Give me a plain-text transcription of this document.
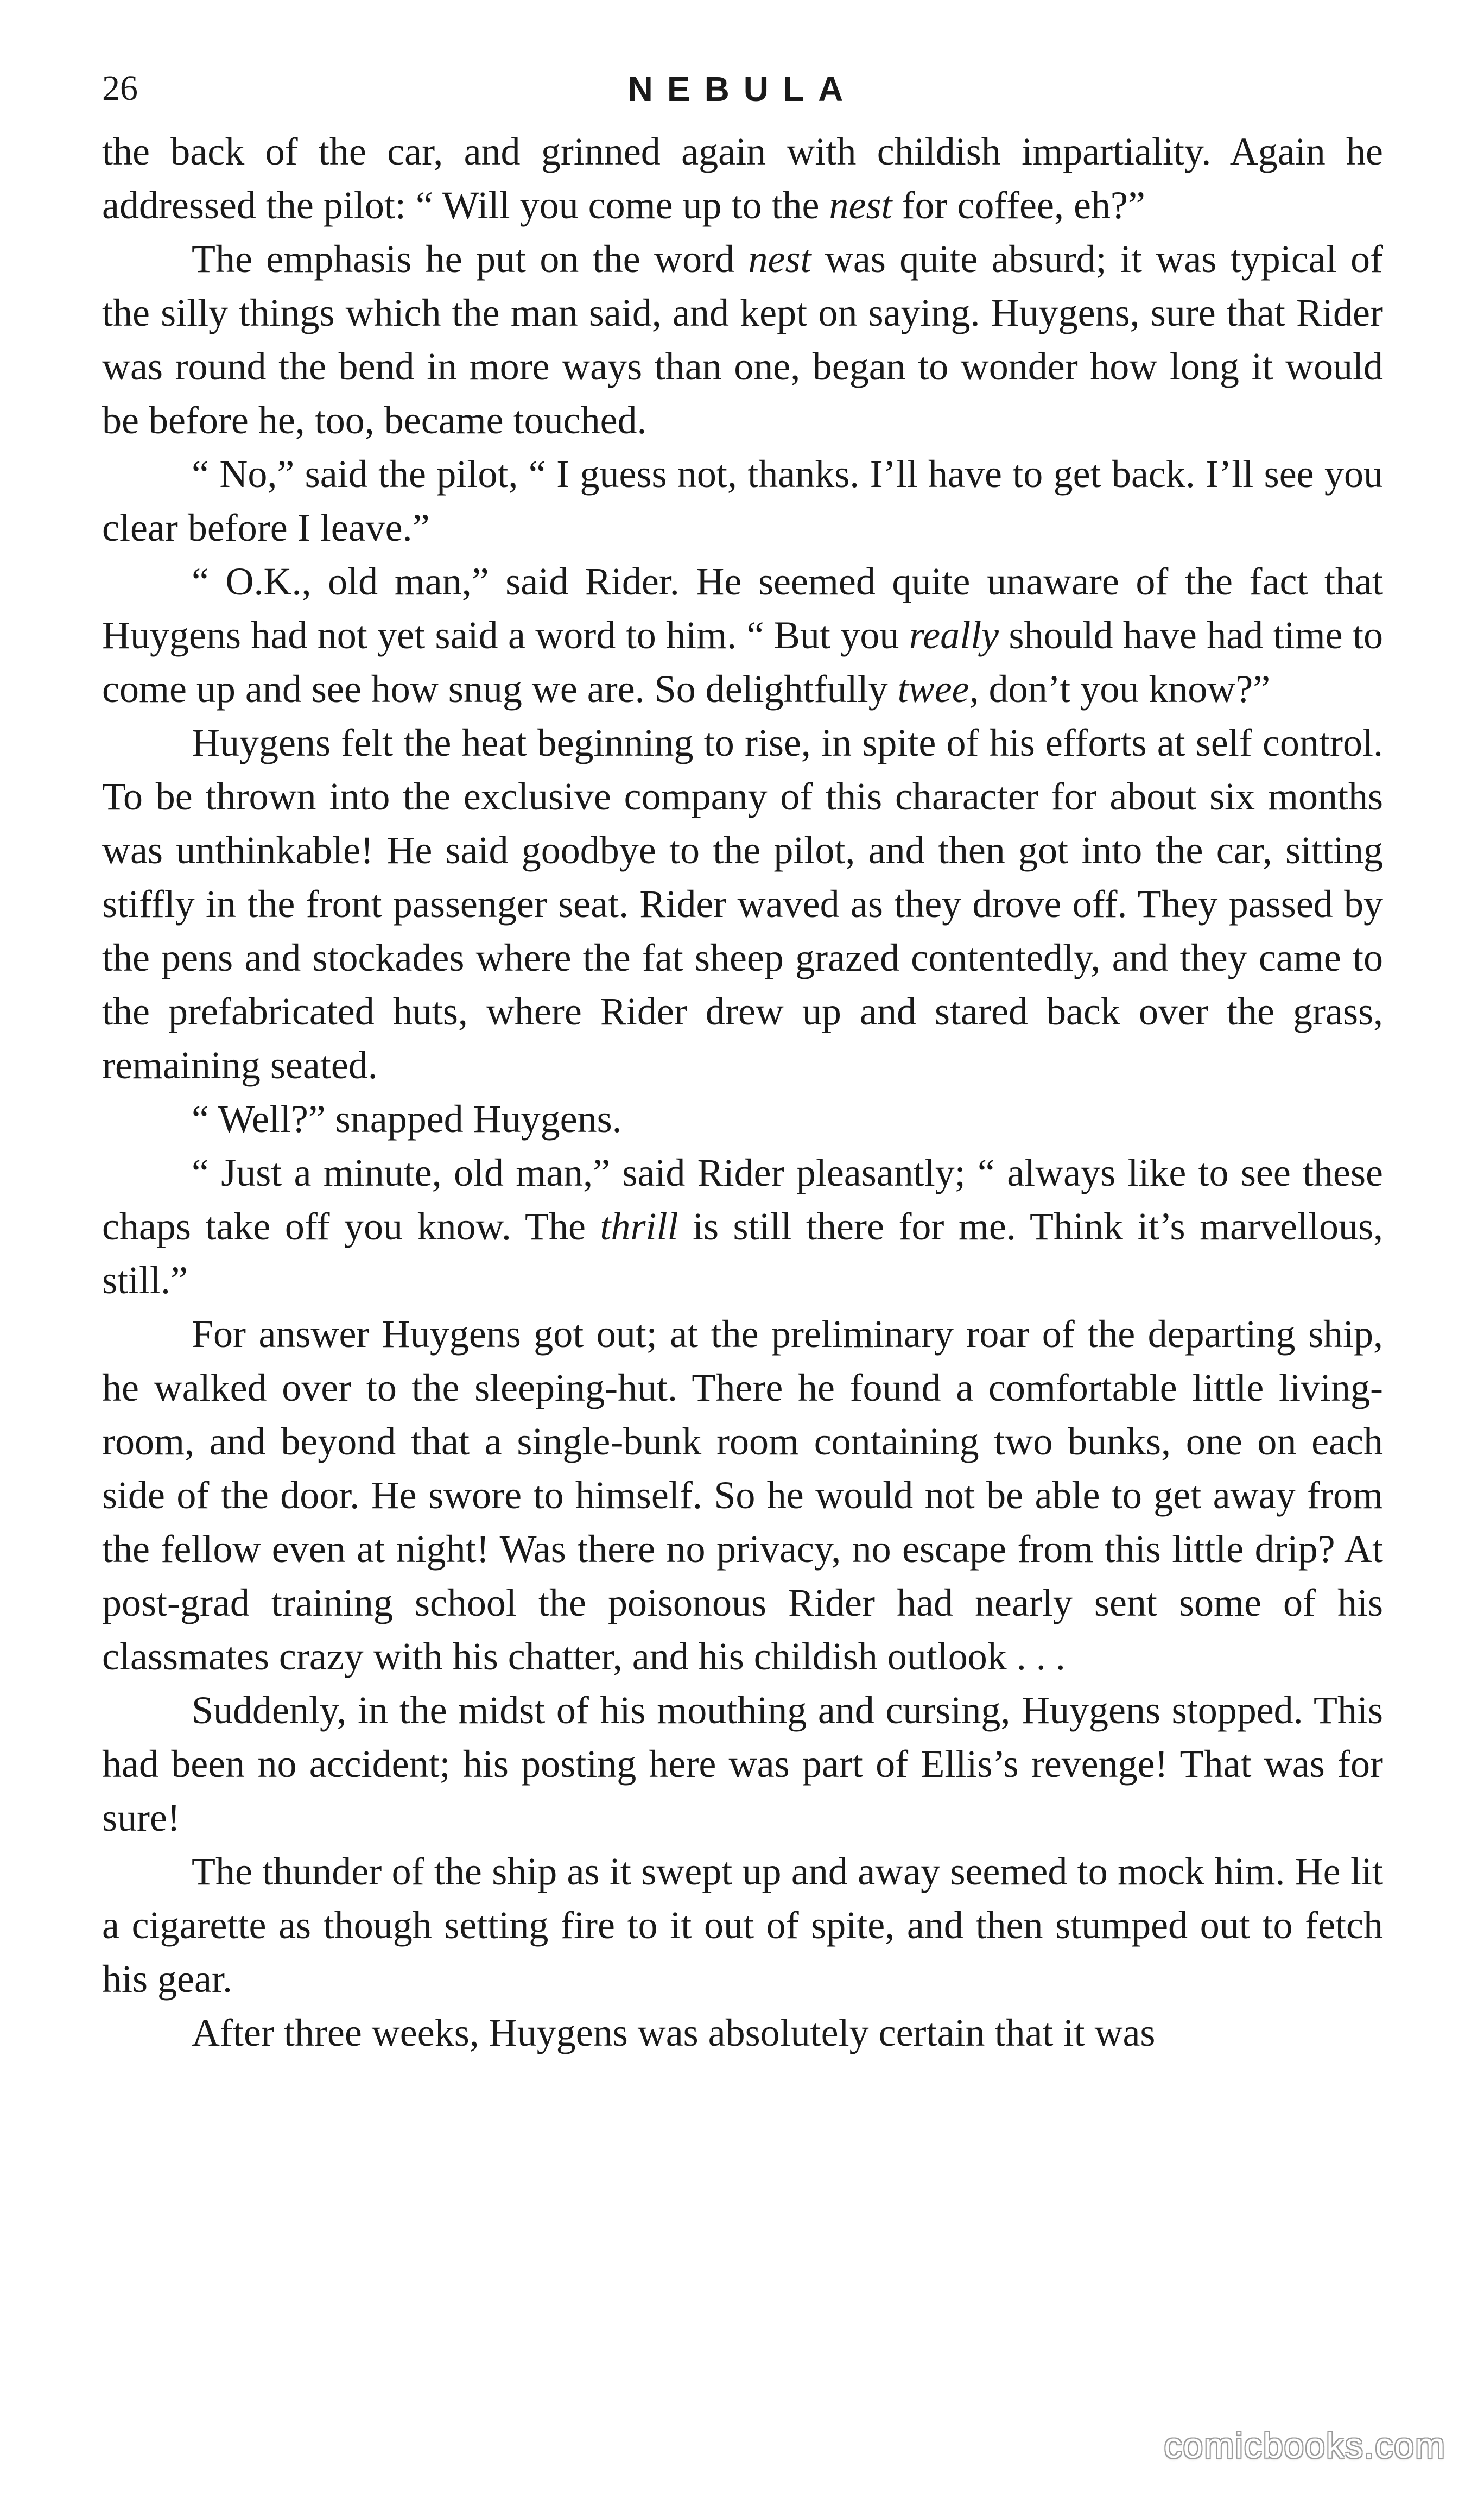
26	NEBULA

the back of the car, and grinned again with childish impartiality. Again he addressed the pilot: “ Will you come up to the nest for coffee, eh?”

The emphasis he put on the word nest was quite absurd; it was typical of the silly things which the man said, and kept on saying. Huygens, sure that Rider was round the bend in more ways than one, began to wonder how long it would be before he, too, became touched.

“ No,” said the pilot, “ I guess not, thanks. I’ll have to get back. I’ll see you clear before I leave.”

“ O.K., old man,” said Rider. He seemed quite unaware of the fact that Huygens had not yet said a word to him. “ But you really should have had time to come up and see how snug we are. So delightfully twee, don’t you know?”

Huygens felt the heat beginning to rise, in spite of his efforts at self control. To be thrown into the exclusive company of this character for about six months was unthinkable! He said goodbye to the pilot, and then got into the car, sitting stiffly in the front passenger seat. Rider waved as they drove off. They passed by the pens and stockades where the fat sheep grazed contentedly, and they came to the prefabricated huts, where Rider drew up and stared back over the grass, remaining seated.

“ Well?” snapped Huygens.

“ Just a minute, old man,” said Rider pleasantly; “ always like to see these chaps take off you know. The thrill is still there for me. Think it’s marvellous, still.”

For answer Huygens got out; at the preliminary roar of the departing ship, he walked over to the sleeping-hut. There he found a comfortable little living-room, and beyond that a single-bunk room containing two bunks, one on each side of the door. He swore to himself. So he would not be able to get away from the fellow even at night! Was there no privacy, no escape from this little drip? At post-grad training school the poisonous Rider had nearly sent some of his classmates crazy with his chatter, and his childish outlook . . .

Suddenly, in the midst of his mouthing and cursing, Huygens stopped. This had been no accident; his posting here was part of Ellis’s revenge! That was for sure!

The thunder of the ship as it swept up and away seemed to mock him. He lit a cigarette as though setting fire to it out of spite, and then stumped out to fetch his gear.

After three weeks, Huygens was absolutely certain that it was

comicbooks.com
